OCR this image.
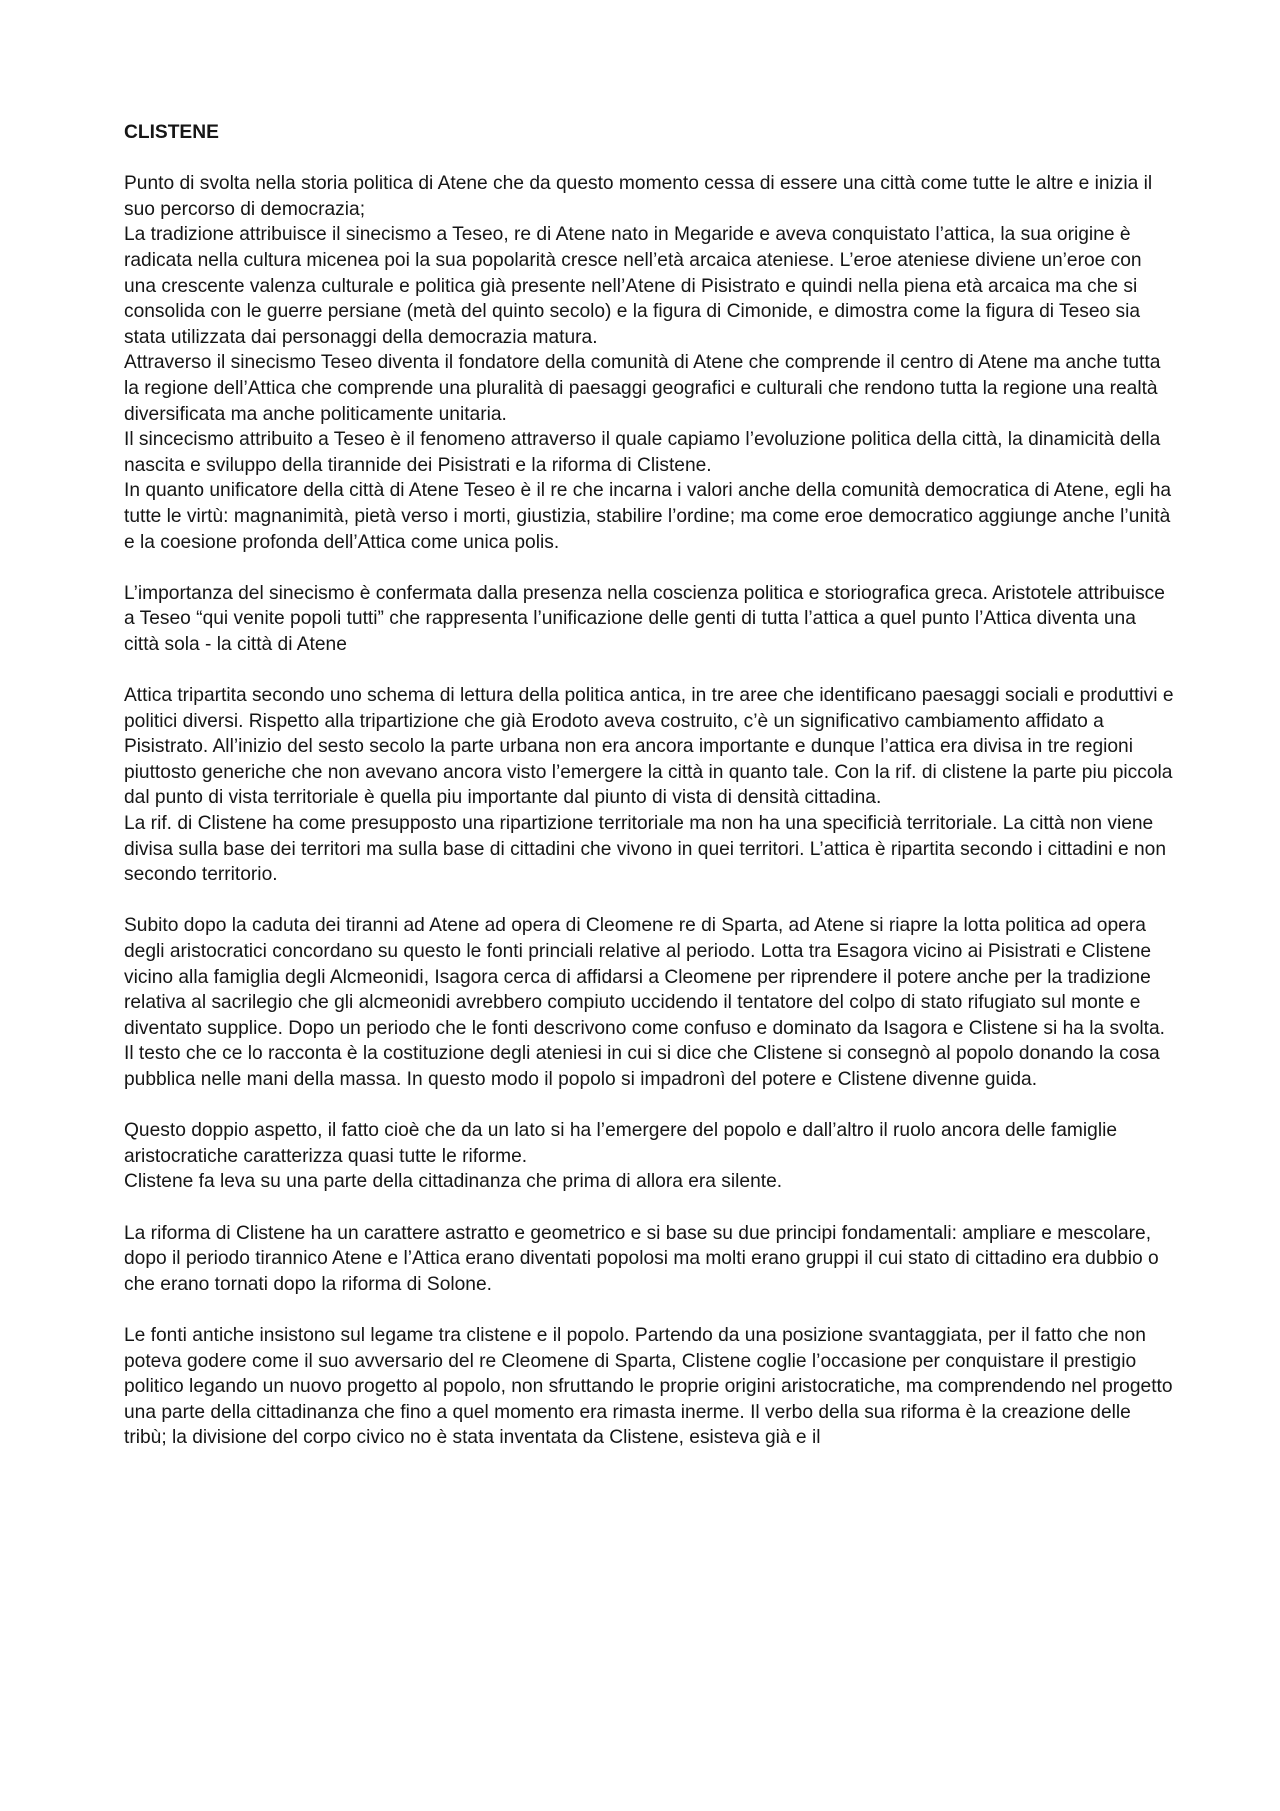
CLISTENE
Punto di svolta nella storia politica di Atene che da questo momento cessa di essere una città come tutte le altre e inizia il suo percorso di democrazia;
La tradizione attribuisce il sinecismo a Teseo, re di Atene nato in Megaride e aveva conquistato l’attica, la sua origine è radicata nella cultura micenea poi la sua popolarità cresce nell’età arcaica ateniese. L’eroe ateniese diviene un’eroe con una crescente valenza culturale e politica già presente nell’Atene di Pisistrato e quindi nella piena età arcaica ma che si consolida con le guerre persiane (metà del quinto secolo) e la figura di Cimonide, e dimostra come la figura di Teseo sia stata utilizzata dai personaggi della democrazia matura.
Attraverso il sinecismo Teseo diventa il fondatore della comunità di Atene che comprende il centro di Atene ma anche tutta la regione dell’Attica che comprende una pluralità di paesaggi geografici e culturali che rendono tutta la regione una realtà diversificata ma anche politicamente unitaria.
Il sincecismo attribuito a Teseo è il fenomeno attraverso il quale capiamo l’evoluzione politica della città, la dinamicità della nascita e sviluppo della tirannide dei Pisistrati e la riforma di Clistene.
In quanto unificatore della città di Atene Teseo è il re che incarna i valori anche della comunità democratica di Atene, egli ha tutte le virtù: magnanimità, pietà verso i morti, giustizia, stabilire l’ordine; ma come eroe democratico aggiunge anche l’unità e la coesione profonda dell’Attica come unica polis.
L’importanza del sinecismo è confermata dalla presenza nella coscienza politica e storiografica greca. Aristotele attribuisce a Teseo “qui venite popoli tutti” che rappresenta l’unificazione delle genti di tutta l’attica a quel punto l’Attica diventa una città sola - la città di Atene
Attica tripartita secondo uno schema di lettura della politica antica, in tre aree che identificano paesaggi sociali e produttivi e politici diversi. Rispetto alla tripartizione che già Erodoto aveva costruito, c’è un significativo cambiamento affidato a Pisistrato. All’inizio del sesto secolo la parte urbana non era ancora importante e dunque l’attica era divisa in tre regioni piuttosto generiche che non avevano ancora visto l’emergere la città in quanto tale. Con la rif. di clistene la parte piu piccola dal punto di vista territoriale è quella piu importante dal piunto di vista di densità cittadina.
La rif. di Clistene ha come presupposto una ripartizione territoriale ma non ha una specificià territoriale. La città non viene divisa sulla base dei territori ma sulla base di cittadini che vivono in quei territori. L’attica è ripartita secondo i cittadini e non secondo territorio.
Subito dopo la caduta dei tiranni ad Atene ad opera di Cleomene re di Sparta, ad Atene si riapre la lotta politica ad opera degli aristocratici concordano su questo le fonti princiali relative al periodo. Lotta tra Esagora vicino ai Pisistrati e Clistene vicino alla famiglia degli Alcmeonidi, Isagora cerca di affidarsi a Cleomene per riprendere il potere anche per la tradizione relativa al sacrilegio che gli alcmeonidi avrebbero compiuto uccidendo il tentatore del colpo di stato rifugiato sul monte e diventato supplice. Dopo un periodo che le fonti descrivono come confuso e dominato da Isagora e Clistene si ha la svolta. Il testo che ce lo racconta è la costituzione degli ateniesi in cui si dice che Clistene si consegnò al popolo donando la cosa pubblica nelle mani della massa. In questo modo il popolo si impadronì del potere e Clistene divenne guida.
Questo doppio aspetto, il fatto cioè che da un lato si ha l’emergere del popolo e dall’altro il ruolo ancora delle famiglie aristocratiche caratterizza quasi tutte le riforme.
Clistene fa leva su una parte della cittadinanza che prima di allora era silente.
La riforma di Clistene ha un carattere astratto e geometrico e si base su due principi fondamentali: ampliare e mescolare, dopo il periodo tirannico Atene e l’Attica erano diventati popolosi ma molti erano gruppi il cui stato di cittadino era dubbio o che erano tornati dopo la riforma di Solone.
Le fonti antiche insistono sul legame tra clistene e il popolo. Partendo da una posizione svantaggiata, per il fatto che non poteva godere come il suo avversario del re Cleomene di Sparta, Clistene coglie l’occasione per conquistare il prestigio politico legando un nuovo progetto al popolo, non sfruttando le proprie origini aristocratiche, ma comprendendo nel progetto una parte della cittadinanza che fino a quel momento era rimasta inerme. Il verbo della sua riforma è la creazione delle tribù; la divisione del corpo civico no è stata inventata da Clistene, esisteva già e il
